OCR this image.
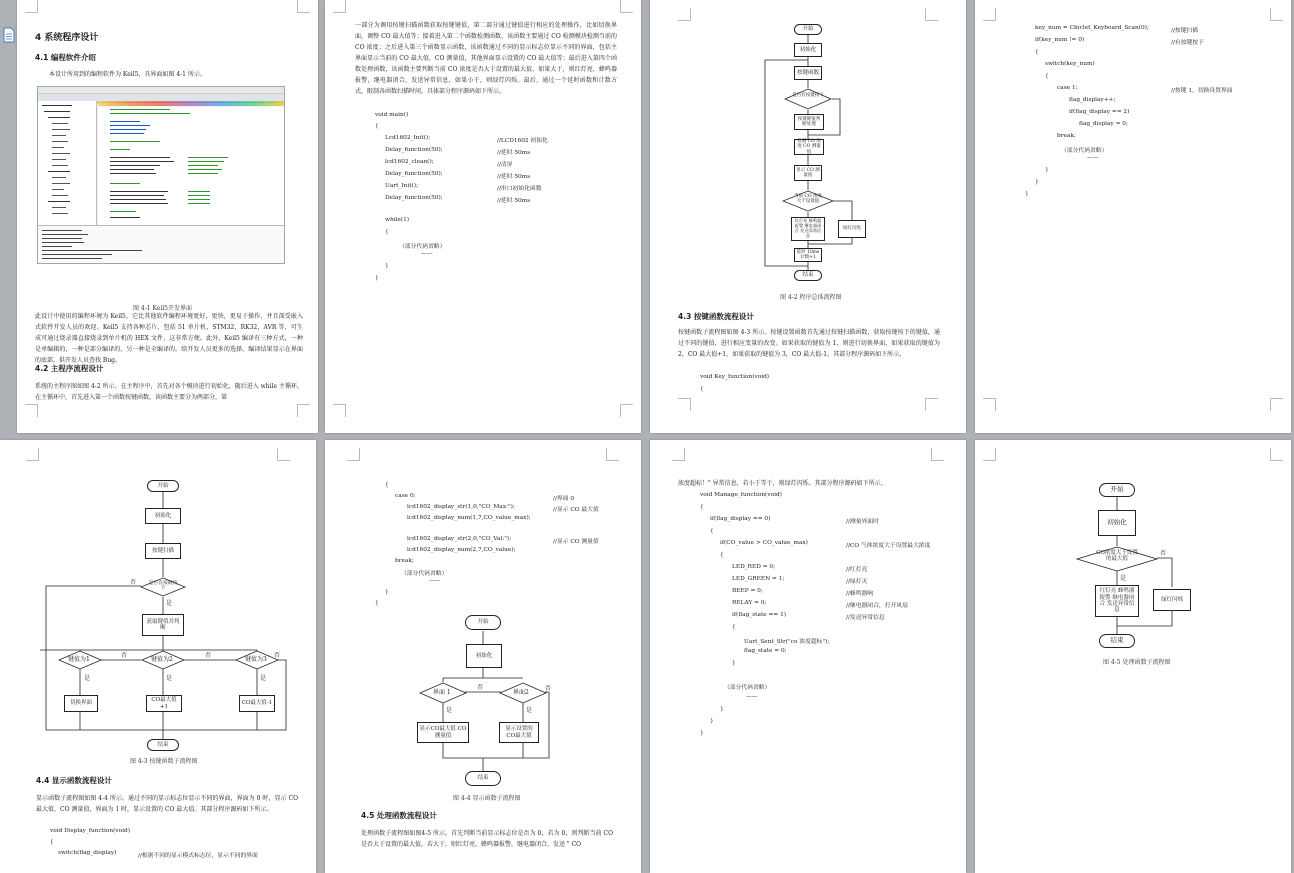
4 系统程序设计
4.1 编程软件介绍
本设计所用到的编程软件为 Keil5，具界面如图 4-1 所示。
图 4-1 Keil5开发界面
此设计中使用的编程环境为 Keil5，它比其他软件编程环境更好，更快，更易于操作，并且深受嵌入式软件开发人员的欢迎。Keil5 支持各种芯片，包括 51 单片机，STM32，RK32，AVR 等，可生成可通过烧录器直接烧录到单片机的 HEX 文件，这非常方便。此外，Keil5 编译有三种方式，一种是单编辑的，一种是部分编译的，另一种是全编译的。给开发人员更多的选择，编译结果显示在界面的底部，供开发人员查找 Bug。
4.2 主程序流程设计
系统的主程序图如图 4-2 所示。在主程序中，首先对各个模块进行初始化，随后进入 while 主循环，在主循环中，首先进入第一个函数按键函数，该函数主要分为两部分，第
一部分为调用按键扫描函数获取按键键值，第二部分通过键值进行相应的处理操作，比如切换界面，调整 CO 最大值等；接着进入第二个函数检测函数，该函数主要通过 CO 检测模块检测当前的 CO 浓度；之后进入第三个函数显示函数，该函数通过不同的显示标志位显示不同的界面，包括主界面显示当前的 CO 最大值，CO 测量值，其他界面显示设置的 CO 最大值等；最后进入第四个函数处理函数，该函数主要判断当前 CO 浓度是否大于设置的最大值，如果大于，则红灯亮，蜂鸣器报警，继电器闭合，发送异常信息，如果小于，则绿灯闪烁。最后，通过一个延时函数和计数方式，限制各函数扫描时间。具体部分程序源码如下所示。
void main()
{
Lcd1602_Init();	//LCD1602 初始化
Delay_function(50);	//延时 50ms
lcd1602_clean();	//清屏
Delay_function(50);	//延时 50ms
Uart_Init();	//串口初始化函数
Delay_function(50);	//延时 50ms
while(1)
{
（部分代码省略）
——
}
}
开始
初始化
按键函数
是否有按键按下
按键键值判断处理
检测 CO 浓度 CO 测量值
显示 CO 测量值
当前 CO 浓度大于设置值
红灯亮 蜂鸣器报警 继电器闭合 发送异常信息
绿灯闪烁
延时 10ms 计数+1
结束
图 4-2 程序总体流程图
4.3 按键函数流程设计
按键函数子流程图如图 4-3 所示。按键设置函数首先通过按键扫描函数，获取按键按下的键值，通过不同的键值，进行相应变量的改变。如果获取的键值为 1，则进行切换界面，如果获取的键值为 2，CO 最大值+1，如果获取的键值为 3，CO 最大值-1。其部分程序源码如下所示。
void Key_function(void)
{
key_num = Chiclet_Keyboard_Scan(0);	//按键扫描
if(key_num != 0)	//有按键按下
{
switch(key_num)
{
case 1:	//按键 1，切换设置界面
flag_display++;
if(flag_display == 2)
flag_display = 0;
break;
（部分代码省略）
——
}
}
}
开始
初始化
按键扫描
是否有按键按下
否
是
获取键值并判断
键值为1	键值为2	键值为3
否	否	否
是	是	是
切换界面
CO最大值+1
CO最大值-1
结束
图 4-3 按键函数子流程图
4.4 显示函数流程设计
显示函数子流程图如图 4-4 所示。通过不同的显示标志位显示不同的界面，界面为 0 时，显示 CO 最大值，CO 测量值，界面为 1 时，显示设置的 CO 最大值。其部分程序源码如下所示。
void Display_function(void)
{
switch(flag_display)	//根据不同的显示模式标志位，显示不同的界面
{
case 0:	//界面 0
lcd1602_display_str(1,0,"CO_Max:");	//显示 CO 最大值
lcd1602_display_num(1,7,CO_value_max);
lcd1602_display_str(2,0,"CO_Val:");	//显示 CO 测量值
lcd1602_display_num(2,7,CO_value);
break;
（部分代码省略）
——
}
}
开始
初始化
界面 1	界面2
否	否
是	是
显示CO最大值 CO测量值
显示设置的 CO最大值
结束
图 4-4 显示函数子流程图
4.5 处理函数流程设计
处理函数子流程图如图4-5 所示。首先判断当前显示标志位是否为 0，若为 0，则判断当前 CO 是否大于设置的最大值，若大于，则红灯亮，蜂鸣器报警，继电器闭合，发送 " CO
浓度超标！" 异常信息，若小于等于，则绿灯闪烁。其部分程序源码如下所示。
void Manage_function(void)
{
if(flag_display == 0)	//测量界面时
{
if(CO_value > CO_value_max)	//CO 气体浓度大于设置最大浓度
{
LED_RED = 0;	//红灯亮
LED_GREEN = 1;	//绿灯灭
BEEP = 0;	//蜂鸣器响
RELAY = 0;	//继电器闭合，打开风扇
if(flag_state == 1)	//发送异常信息
{
Uart_Sent_Str("co 浓度超标");
flag_state = 0;
}
（部分代码省略）
——
}
}
}
开始
初始化
CO浓度大于设置的最大值
否
是
红灯亮 蜂鸣器报警 继电器闭合 发送异常信息
绿灯闪烁
结束
图 4-5 处理函数子流程图
